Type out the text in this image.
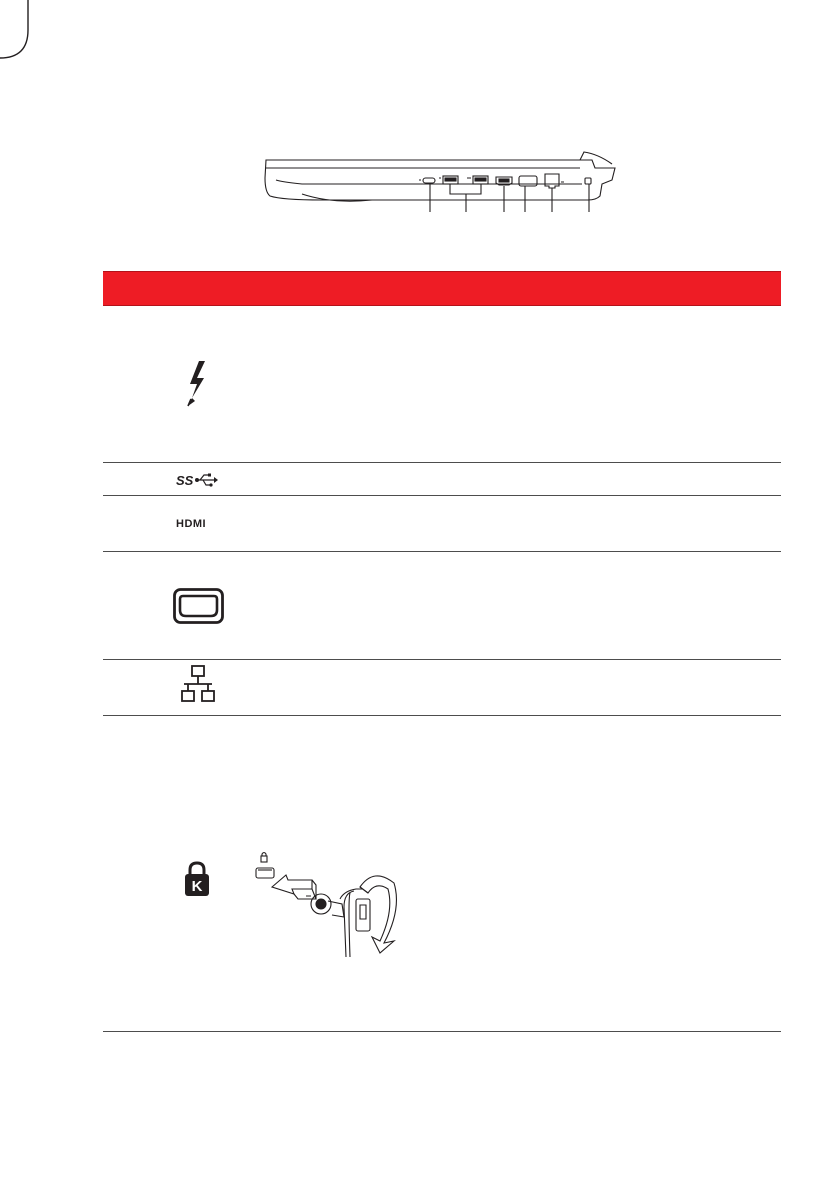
SS
HDMI
K
